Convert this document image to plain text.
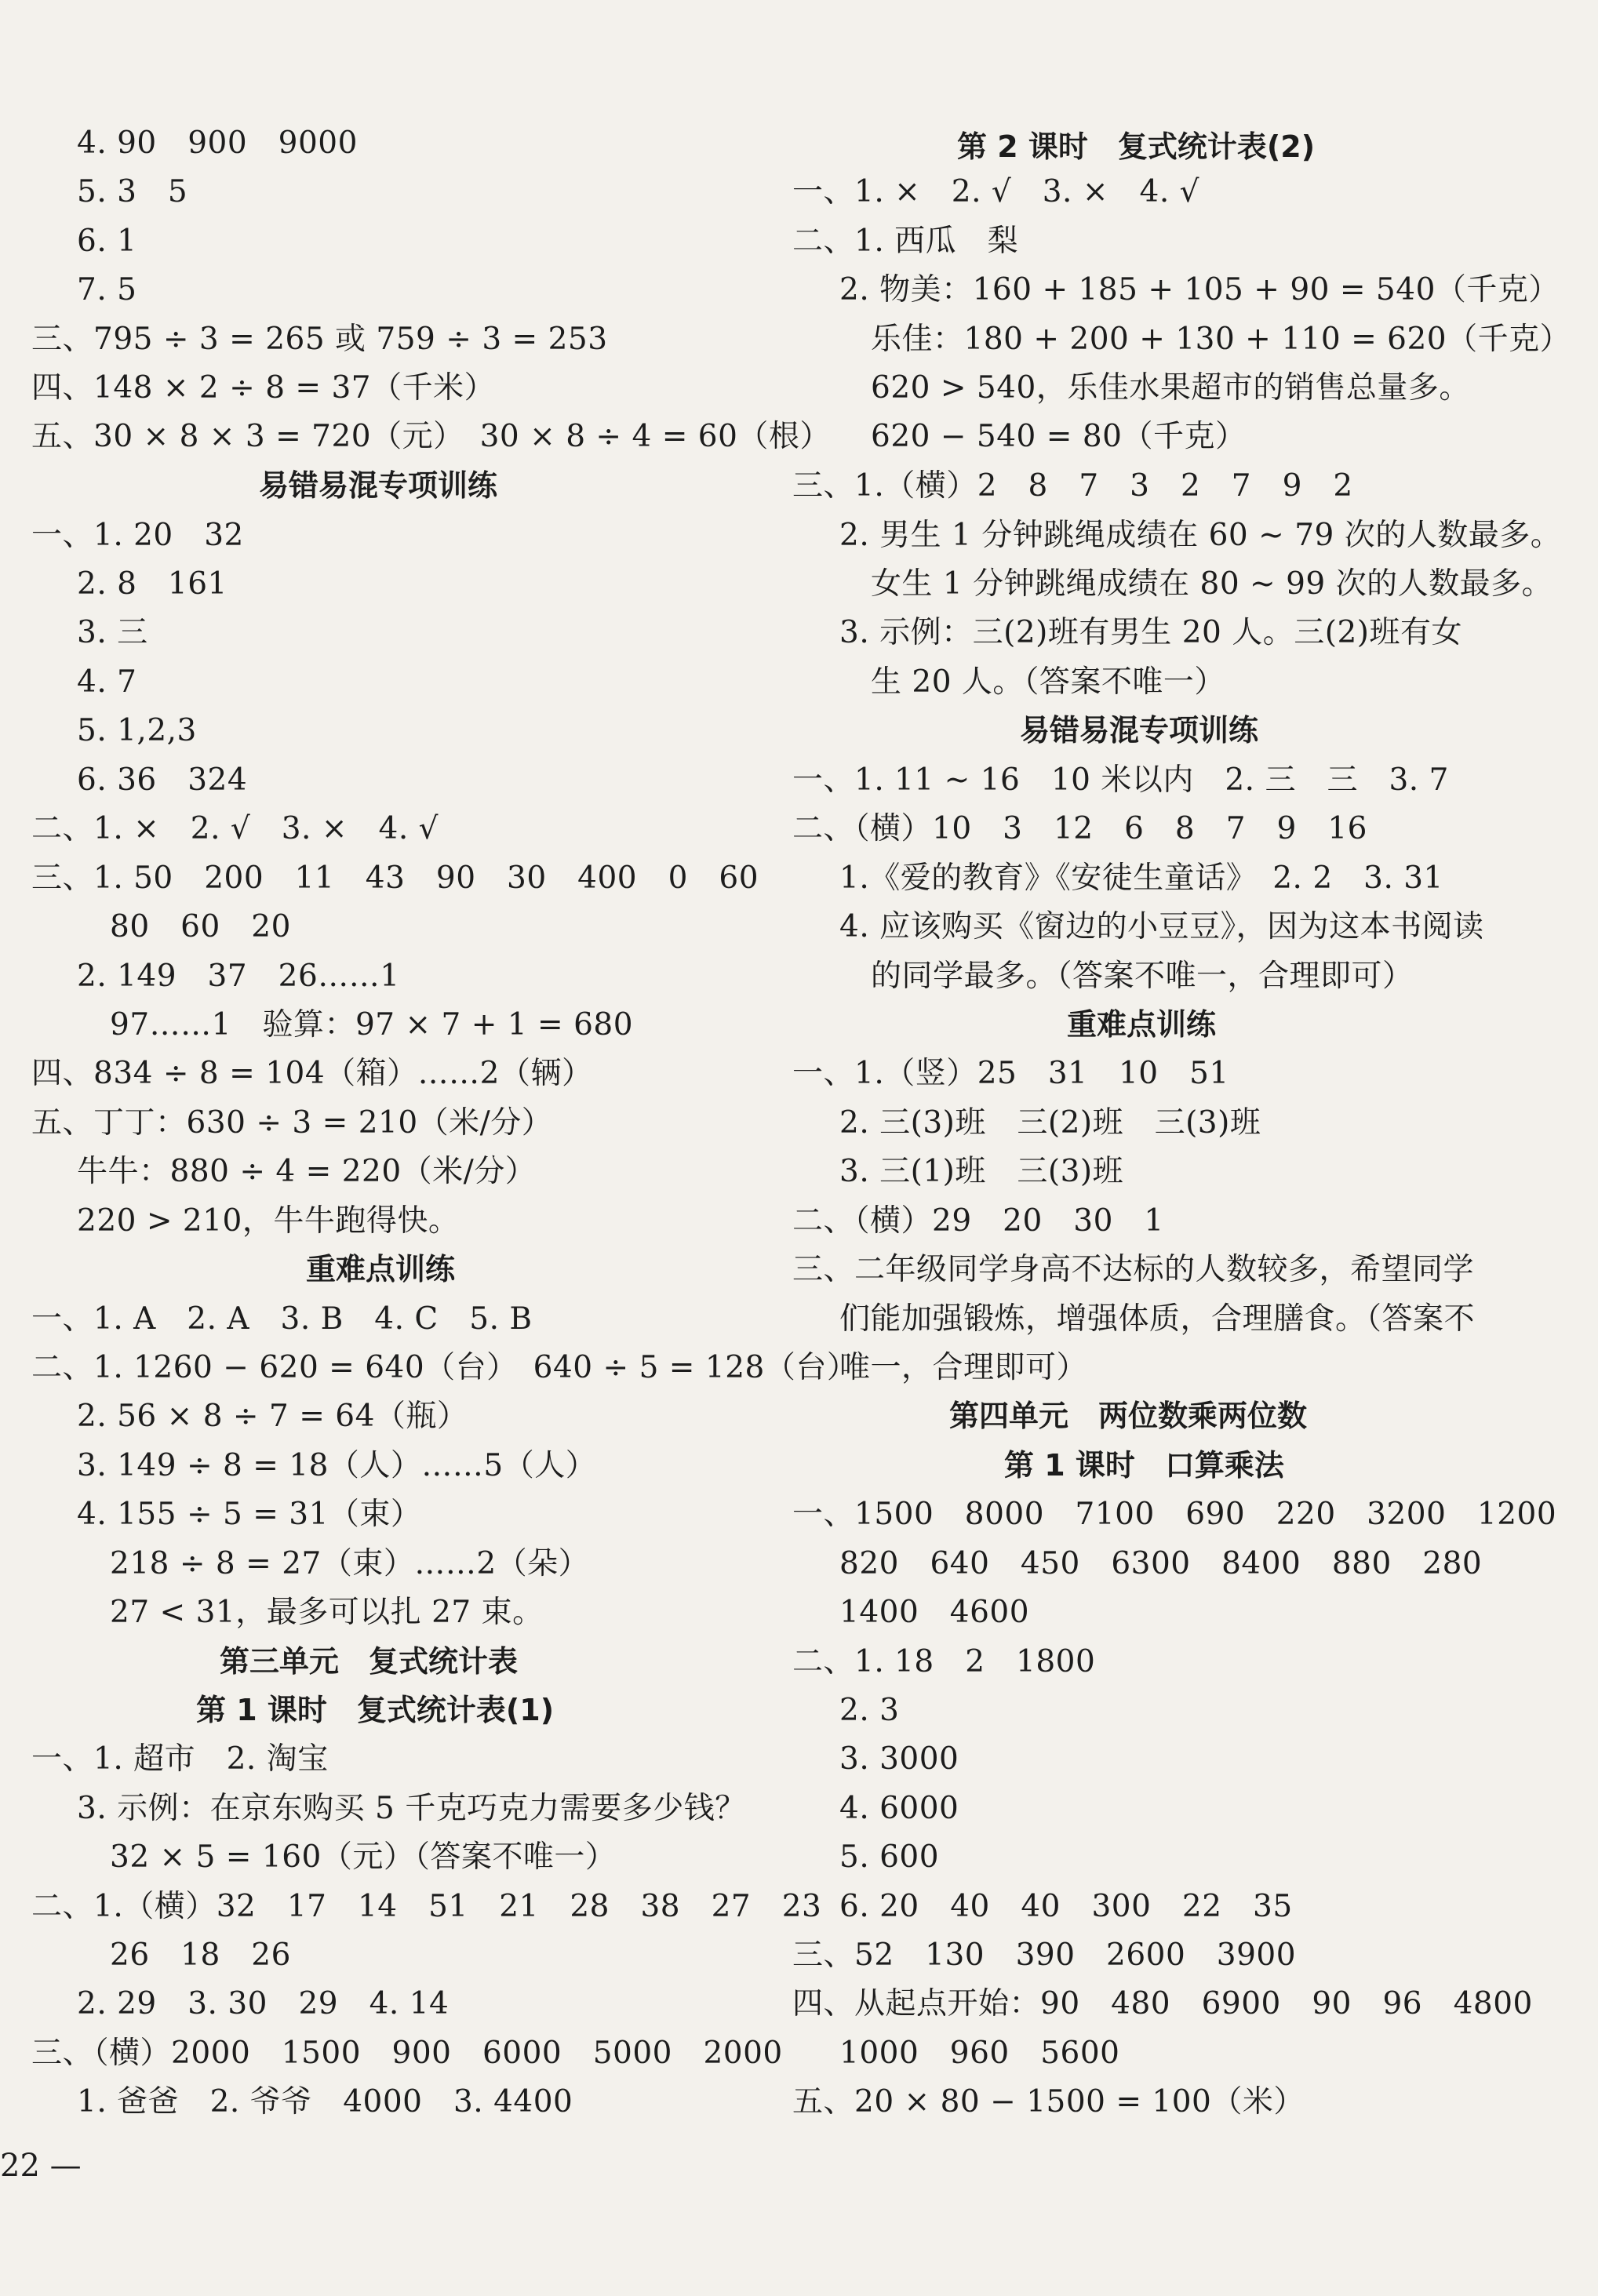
4. 90　900　9000
5. 3　5
6. 1
7. 5
三、795 ÷ 3 = 265 或 759 ÷ 3 = 253
四、148 × 2 ÷ 8 = 37（千米）
五、30 × 8 × 3 = 720（元）　30 × 8 ÷ 4 = 60（根）
易错易混专项训练
一、1. 20　32
2. 8　161
3. 三
4. 7
5. 1,2,3
6. 36　324
二、1. ×　2. √　3. ×　4. √
三、1. 50　200　11　43　90　30　400　0　60
80　60　20
2. 149　37　26……1
97……1　验算：97 × 7 + 1 = 680
四、834 ÷ 8 = 104（箱）……2（辆）
五、丁丁：630 ÷ 3 = 210（米/分）
牛牛：880 ÷ 4 = 220（米/分）
220 > 210，牛牛跑得快。
重难点训练
一、1. A　2. A　3. B　4. C　5. B
二、1. 1260 − 620 = 640（台）　640 ÷ 5 = 128（台）
2. 56 × 8 ÷ 7 = 64（瓶）
3. 149 ÷ 8 = 18（人）……5（人）
4. 155 ÷ 5 = 31（束）
218 ÷ 8 = 27（束）……2（朵）
27 < 31，最多可以扎 27 束。
第三单元　复式统计表
第 1 课时　复式统计表(1)
一、1. 超市　2. 淘宝
3. 示例：在京东购买 5 千克巧克力需要多少钱？
32 × 5 = 160（元）（答案不唯一）
二、1.（横）32　17　14　51　21　28　38　27　23
26　18　26
2. 29　3. 30　29　4. 14
三、（横）2000　1500　900　6000　5000　2000
1. 爸爸　2. 爷爷　4000　3. 4400
第 2 课时　复式统计表(2)
一、1. ×　2. √　3. ×　4. √
二、1. 西瓜　梨
2. 物美：160 + 185 + 105 + 90 = 540（千克）
乐佳：180 + 200 + 130 + 110 = 620（千克）
620 > 540，乐佳水果超市的销售总量多。
620 − 540 = 80（千克）
三、1.（横）2　8　7　3　2　7　9　2
2. 男生 1 分钟跳绳成绩在 60 ~ 79 次的人数最多。
女生 1 分钟跳绳成绩在 80 ~ 99 次的人数最多。
3. 示例：三(2)班有男生 20 人。三(2)班有女
生 20 人。（答案不唯一）
易错易混专项训练
一、1. 11 ~ 16　10 米以内　2. 三　三　3. 7
二、（横）10　3　12　6　8　7　9　16
1.《爱的教育》《安徒生童话》　2. 2　3. 31
4. 应该购买《窗边的小豆豆》，因为这本书阅读
的同学最多。（答案不唯一，合理即可）
重难点训练
一、1.（竖）25　31　10　51
2. 三(3)班　三(2)班　三(3)班
3. 三(1)班　三(3)班
二、（横）29　20　30　1
三、二年级同学身高不达标的人数较多，希望同学
们能加强锻炼，增强体质，合理膳食。（答案不
唯一，合理即可）
第四单元　两位数乘两位数
第 1 课时　口算乘法
一、1500　8000　7100　690　220　3200　1200
820　640　450　6300　8400　880　280
1400　4600
二、1. 18　2　1800
2. 3
3. 3000
4. 6000
5. 600
6. 20　40　40　300　22　35
三、52　130　390　2600　3900
四、从起点开始：90　480　6900　90　96　4800
1000　960　5600
五、20 × 80 − 1500 = 100（米）
22 —
